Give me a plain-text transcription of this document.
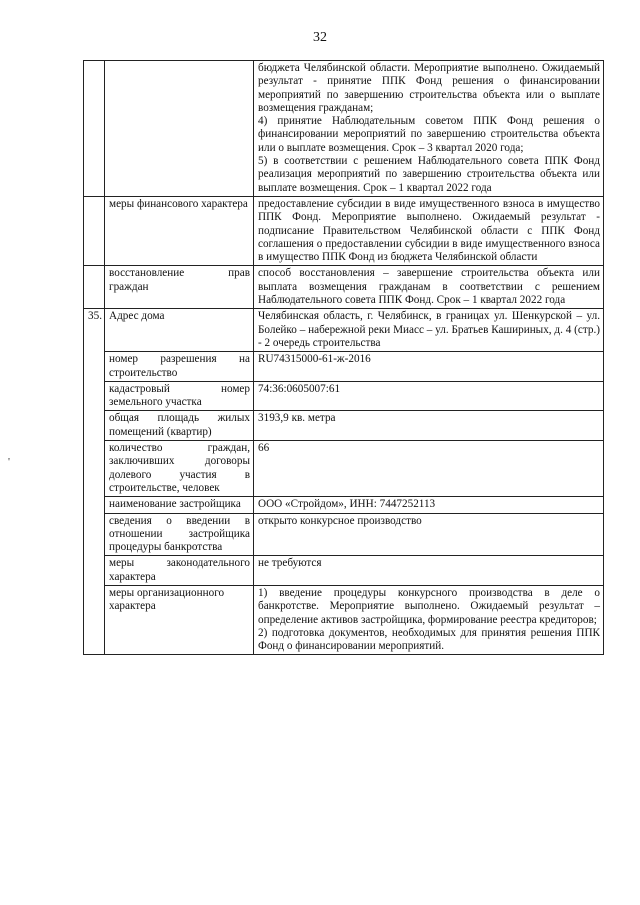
32
'

		бюджета Челябинской области. Мероприятие выполнено. Ожидаемый результат - принятие ППК Фонд решения о финансировании мероприятий по завершению строительства объекта или о выплате возмещения гражданам;

4) принятие Наблюдательным советом ППК Фонд решения о финансировании мероприятий по завершению строительства объекта или о выплате возмещения. Срок – 3 квартал 2020 года;

5) в соответствии с решением Наблюдательного совета ППК Фонд реализация мероприятий по завершению строительства объекта или выплате возмещения. Срок – 1 квартал 2022 года

	меры финансового характера	предоставление субсидии в виде имущественного взноса в имущество ППК Фонд. Мероприятие выполнено. Ожидаемый результат - подписание Правительством Челябинской области с ППК Фонд соглашения о предоставлении субсидии в виде имущественного взноса в имущество ППК Фонд из бюджета Челябинской области
	восстановление прав граждан	способ восстановления – завершение строительства объекта или выплата возмещения гражданам в соответствии с решением Наблюдательного совета ППК Фонд. Срок – 1 квартал 2022 года
35.	Адрес дома	Челябинская область, г. Челябинск, в границах ул. Шенкурской – ул. Болейко – набережной реки Миасс – ул. Братьев Кашириных, д. 4 (стр.) - 2 очередь строительства
	номер разрешения на строительство	RU74315000-61-ж-2016
	кадастровый номер земельного участка	74:36:0605007:61
	общая площадь жилых помещений (квартир)	3193,9 кв. метра
	количество граждан, заключивших договоры долевого участия в строительстве, человек	66
	наименование застройщика	ООО «Стройдом», ИНН: 7447252113
	сведения о введении в отношении застройщика процедуры банкротства	открыто конкурсное производство
	меры законодательного характера	не требуются
	меры организационного характера	1) введение процедуры конкурсного производства в деле о банкротстве. Мероприятие выполнено. Ожидаемый результат – определение активов застройщика, формирование реестра кредиторов;

2) подготовка документов, необходимых для принятия решения ППК Фонд о финансировании мероприятий.
